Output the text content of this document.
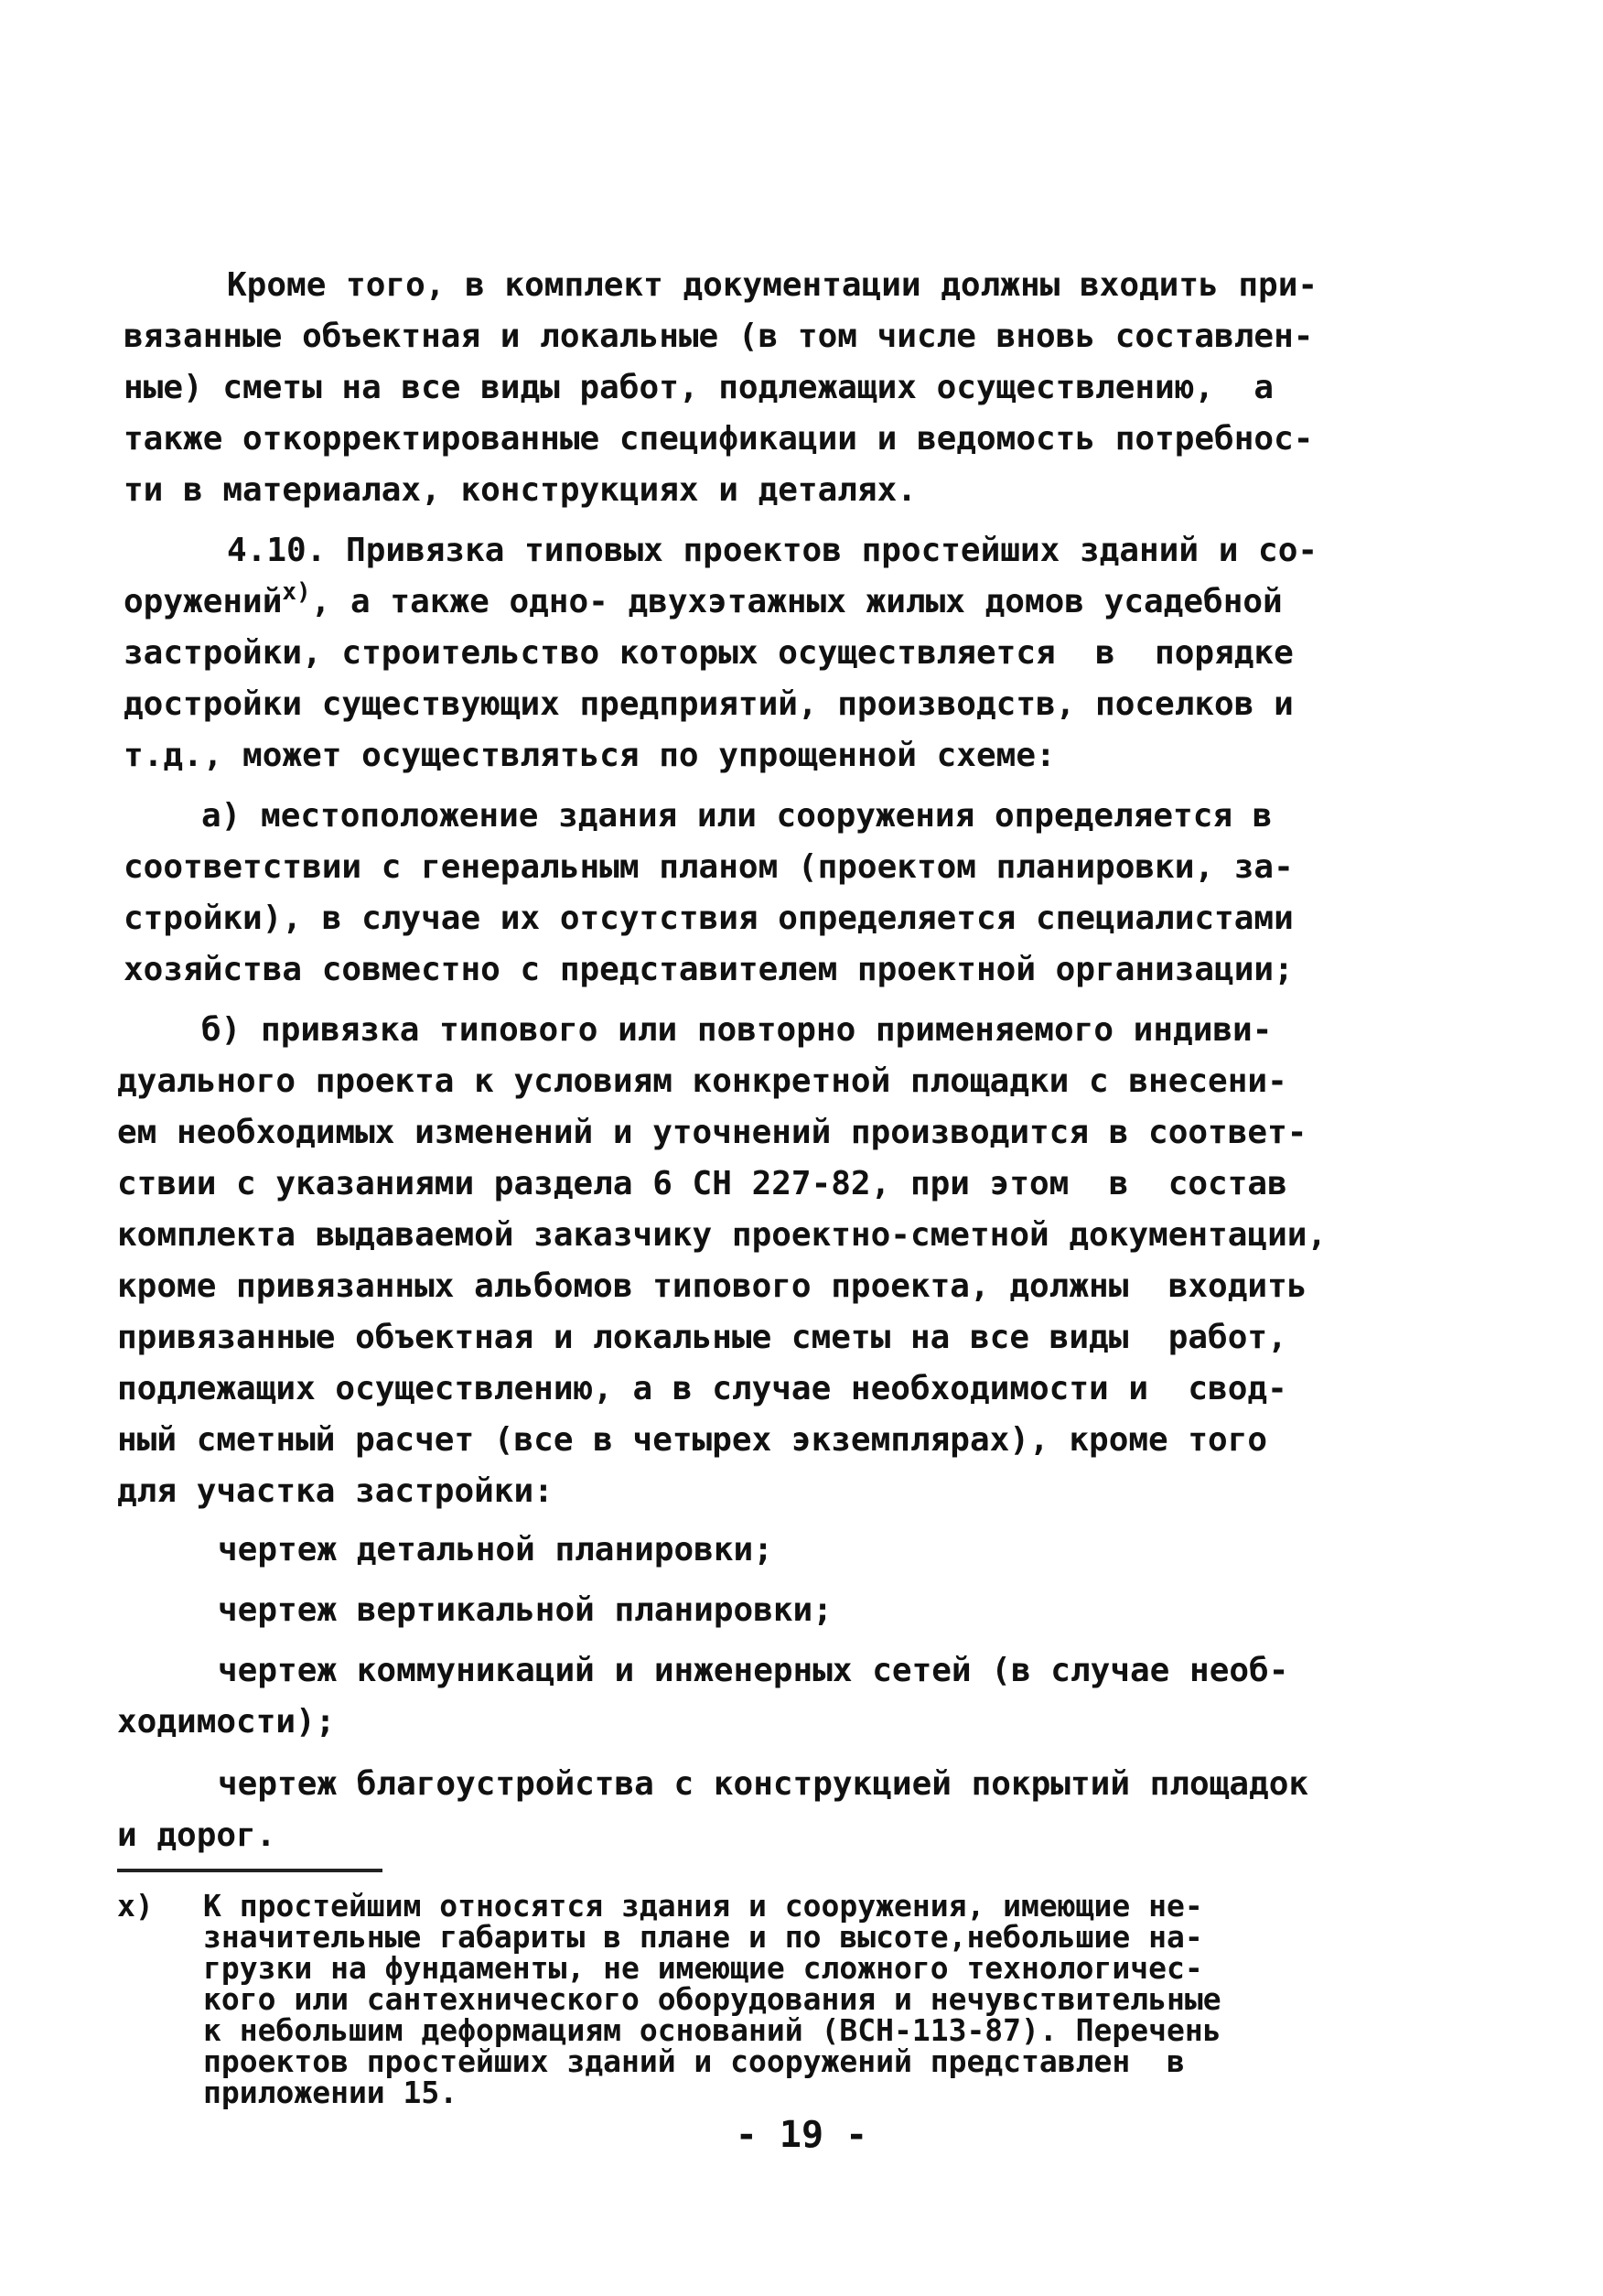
Кроме того, в комплект документации должны входить при-
вязанные объектная и локальные (в том числе вновь составлен-
ные) сметы на все виды работ, подлежащих осуществлению,  а
также откорректированные спецификации и ведомость потребнос-
ти в материалах, конструкциях и деталях.
4.10. Привязка типовых проектов простейших зданий и со-
оружений$^{x)}$, а также одно- двухэтажных жилых домов усадебной
застройки, строительство которых осуществляется  в  порядке
достройки существующих предприятий, производств, поселков и
т.д., может осуществляться по упрощенной схеме:
а) местоположение здания или сооружения определяется в
соответствии с генеральным планом (проектом планировки, за-
стройки), в случае их отсутствия определяется специалистами
хозяйства совместно с представителем проектной организации;
б) привязка типового или повторно применяемого индиви-
дуального проекта к условиям конкретной площадки с внесени-
ем необходимых изменений и уточнений производится в соответ-
ствии с указаниями раздела 6 СН 227-82, при этом  в  состав
комплекта выдаваемой заказчику проектно-сметной документации,
кроме привязанных альбомов типового проекта, должны  входить
привязанные объектная и локальные сметы на все виды  работ,
подлежащих осуществлению, а в случае необходимости и  свод-
ный сметный расчет (все в четырех экземплярах), кроме того
для участка застройки:
чертеж детальной планировки;
чертеж вертикальной планировки;
чертеж коммуникаций и инженерных сетей (в случае необ-
ходимости);
чертеж благоустройства с конструкцией покрытий площадок
и дорог.
x) К простейшим относятся здания и сооружения, имеющие не-
значительные габариты в плане и по высоте,небольшие на-
грузки на фундаменты, не имеющие сложного технологичес-
кого или сантехнического оборудования и нечувствительные
к небольшим деформациям оснований (ВСН-113-87). Перечень
проектов простейших зданий и сооружений представлен  в
приложении 15.
- 19 -
